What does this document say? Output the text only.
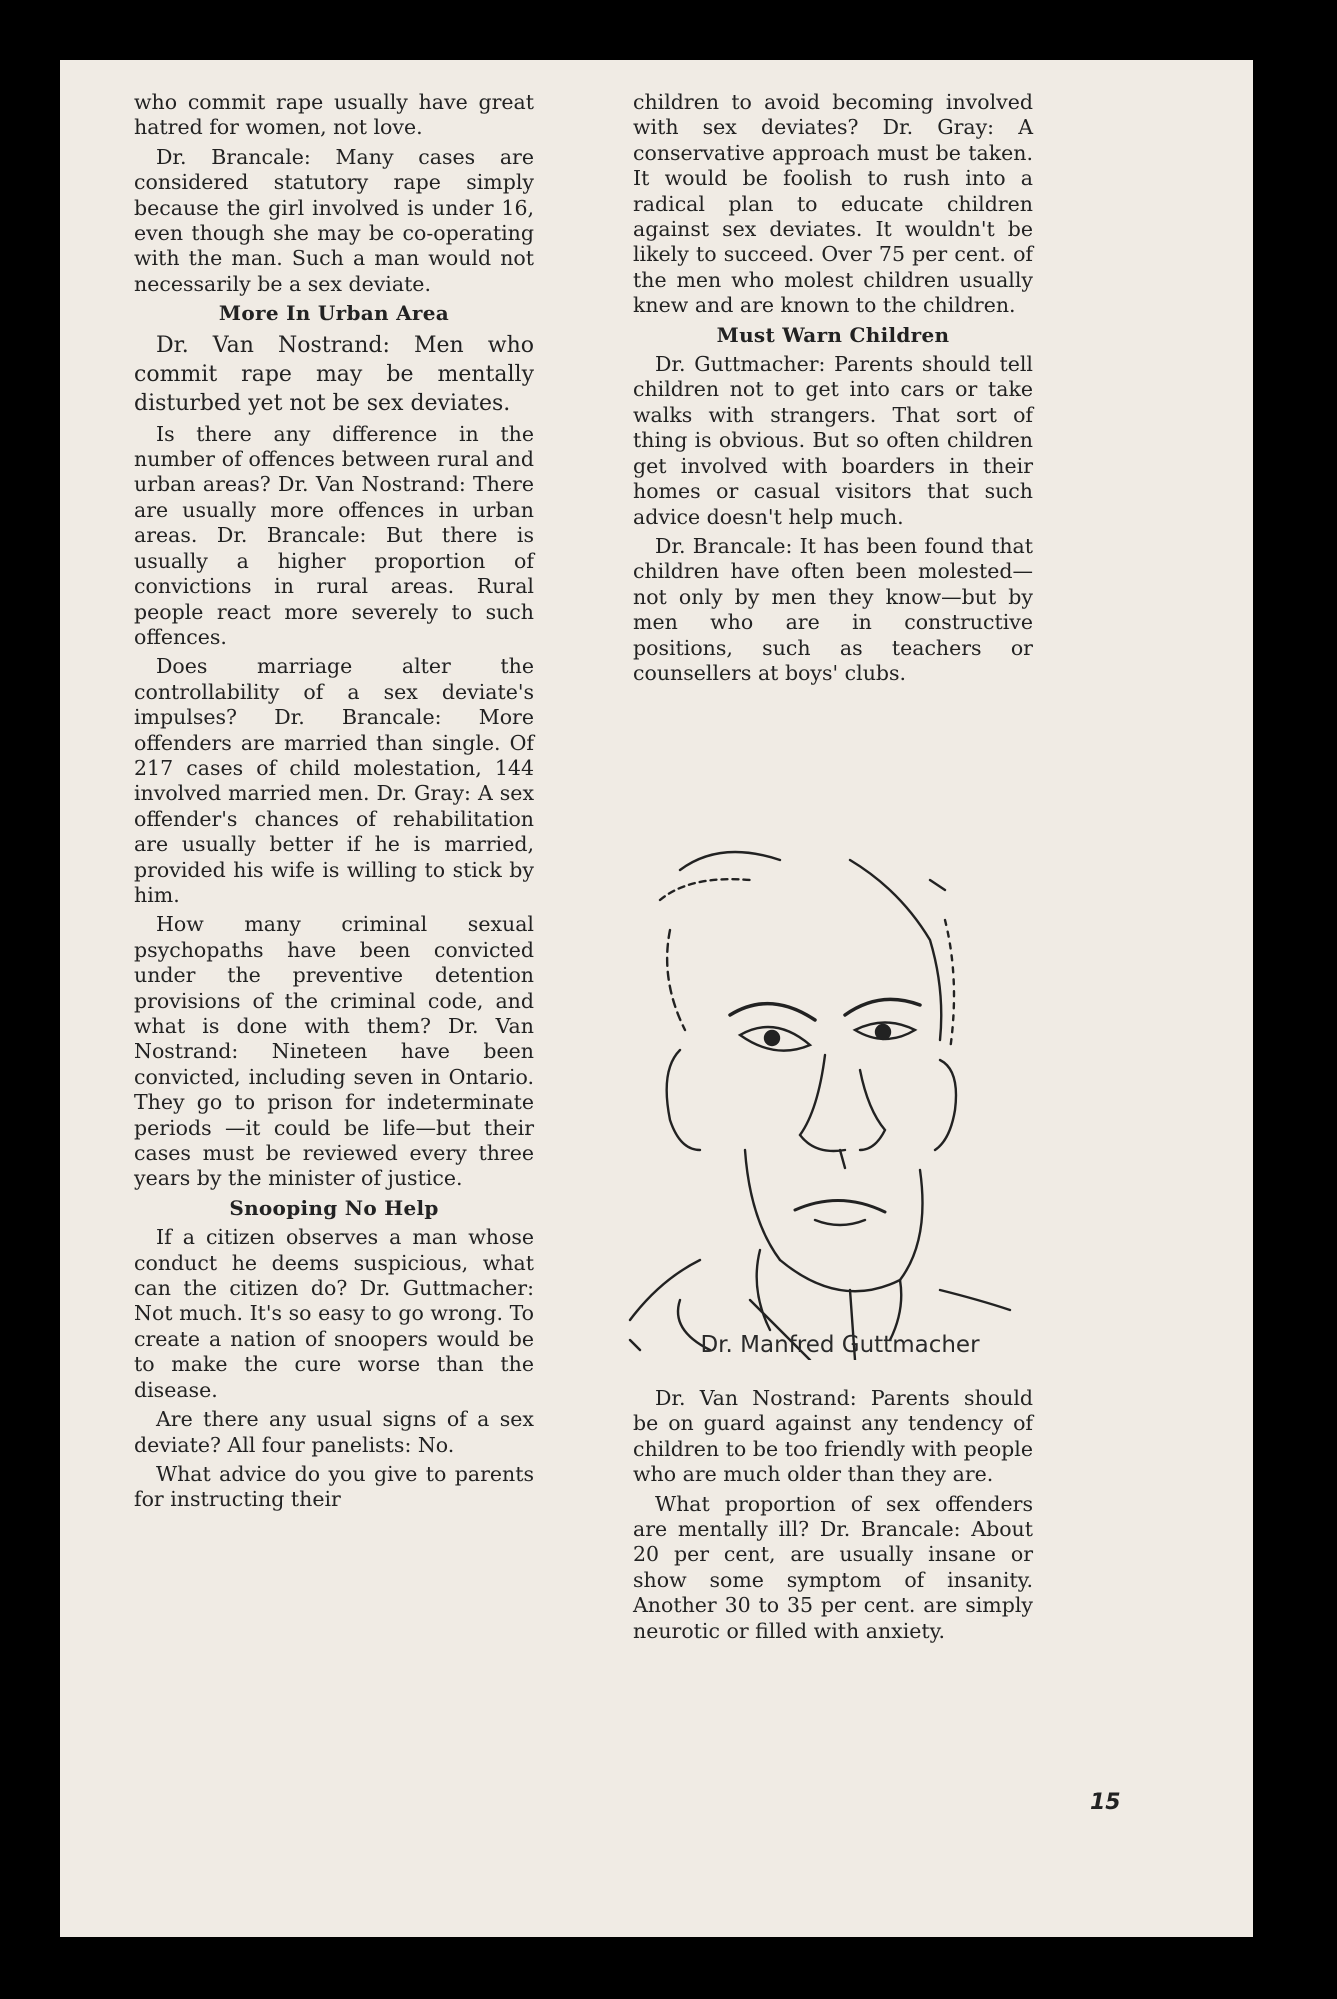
who commit rape usually have great hatred for women, not love.

Dr. Brancale: Many cases are considered statutory rape simply because the girl involved is under 16, even though she may be co-operating with the man. Such a man would not necessarily be a sex deviate.

More In Urban Area

Dr. Van Nostrand: Men who commit rape may be mentally disturbed yet not be sex deviates.

Is there any difference in the number of offences between rural and urban areas? Dr. Van Nostrand: There are usually more offences in urban areas. Dr. Brancale: But there is usually a higher proportion of convictions in rural areas. Rural people react more severely to such offences.

Does marriage alter the controllability of a sex deviate's impulses? Dr. Brancale: More offenders are married than single. Of 217 cases of child molestation, 144 involved married men. Dr. Gray: A sex offender's chances of rehabilitation are usually better if he is married, provided his wife is willing to stick by him.

How many criminal sexual psychopaths have been convicted under the preventive detention provisions of the criminal code, and what is done with them? Dr. Van Nostrand: Nineteen have been convicted, including seven in Ontario. They go to prison for indeterminate periods —it could be life—but their cases must be reviewed every three years by the minister of justice.

Snooping No Help

If a citizen observes a man whose conduct he deems suspicious, what can the citizen do? Dr. Guttmacher: Not much. It's so easy to go wrong. To create a nation of snoopers would be to make the cure worse than the disease.

Are there any usual signs of a sex deviate? All four panelists: No.

What advice do you give to parents for instructing their

children to avoid becoming involved with sex deviates? Dr. Gray: A conservative approach must be taken. It would be foolish to rush into a radical plan to educate children against sex deviates. It wouldn't be likely to succeed. Over 75 per cent. of the men who molest children usually knew and are known to the children.

Must Warn Children

Dr. Guttmacher: Parents should tell children not to get into cars or take walks with strangers. That sort of thing is obvious. But so often children get involved with boarders in their homes or casual visitors that such advice doesn't help much.

Dr. Brancale: It has been found that children have often been molested—not only by men they know—but by men who are in constructive positions, such as teachers or counsellers at boys' clubs.

Dr. Manfred Guttmacher

Dr. Van Nostrand: Parents should be on guard against any tendency of children to be too friendly with people who are much older than they are.

What proportion of sex offenders are mentally ill? Dr. Brancale: About 20 per cent, are usually insane or show some symptom of insanity. Another 30 to 35 per cent. are simply neurotic or filled with anxiety.

15
